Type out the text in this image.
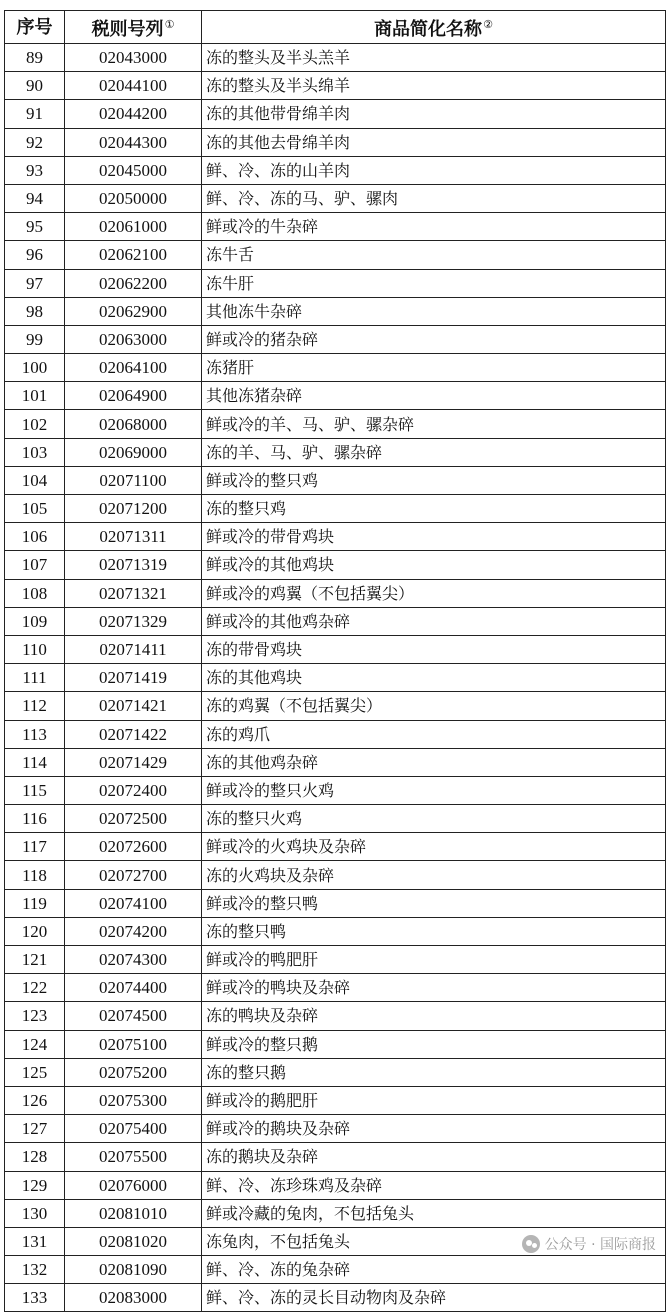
序号	税则号列①	商品简化名称②
89	02043000	冻的整头及半头羔羊
90	02044100	冻的整头及半头绵羊
91	02044200	冻的其他带骨绵羊肉
92	02044300	冻的其他去骨绵羊肉
93	02045000	鲜、冷、冻的山羊肉
94	02050000	鲜、冷、冻的马、驴、骡肉
95	02061000	鲜或冷的牛杂碎
96	02062100	冻牛舌
97	02062200	冻牛肝
98	02062900	其他冻牛杂碎
99	02063000	鲜或冷的猪杂碎
100	02064100	冻猪肝
101	02064900	其他冻猪杂碎
102	02068000	鲜或冷的羊、马、驴、骡杂碎
103	02069000	冻的羊、马、驴、骡杂碎
104	02071100	鲜或冷的整只鸡
105	02071200	冻的整只鸡
106	02071311	鲜或冷的带骨鸡块
107	02071319	鲜或冷的其他鸡块
108	02071321	鲜或冷的鸡翼（不包括翼尖）
109	02071329	鲜或冷的其他鸡杂碎
110	02071411	冻的带骨鸡块
111	02071419	冻的其他鸡块
112	02071421	冻的鸡翼（不包括翼尖）
113	02071422	冻的鸡爪
114	02071429	冻的其他鸡杂碎
115	02072400	鲜或冷的整只火鸡
116	02072500	冻的整只火鸡
117	02072600	鲜或冷的火鸡块及杂碎
118	02072700	冻的火鸡块及杂碎
119	02074100	鲜或冷的整只鸭
120	02074200	冻的整只鸭
121	02074300	鲜或冷的鸭肥肝
122	02074400	鲜或冷的鸭块及杂碎
123	02074500	冻的鸭块及杂碎
124	02075100	鲜或冷的整只鹅
125	02075200	冻的整只鹅
126	02075300	鲜或冷的鹅肥肝
127	02075400	鲜或冷的鹅块及杂碎
128	02075500	冻的鹅块及杂碎
129	02076000	鲜、冷、冻珍珠鸡及杂碎
130	02081010	鲜或冷藏的兔肉，不包括兔头
131	02081020	冻兔肉，不包括兔头
132	02081090	鲜、冷、冻的兔杂碎
133	02083000	鲜、冷、冻的灵长目动物肉及杂碎
公众号 · 国际商报
